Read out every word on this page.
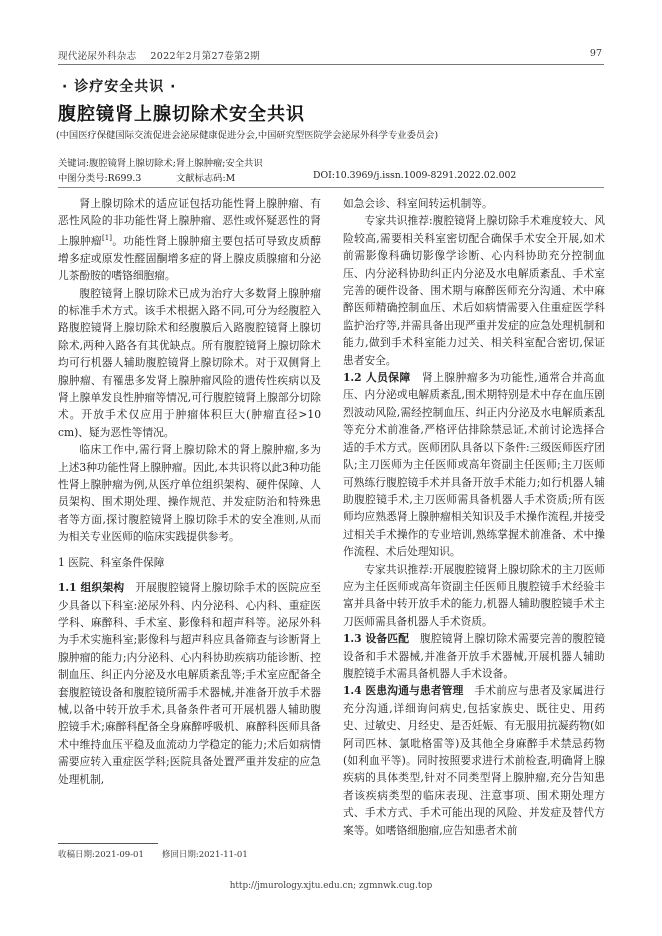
现代泌尿外科杂志 2022年2月第27卷第2期	97
· 诊疗安全共识 ·
腹腔镜肾上腺切除术安全共识
(中国医疗保健国际交流促进会泌尿健康促进分会,中国研究型医院学会泌尿外科学专业委员会)
关键词:腹腔镜肾上腺切除术;肾上腺肿瘤;安全共识
中图分类号:R699.3	文献标志码:M	DOI:10.3969/j.issn.1009-8291.2022.02.002

肾上腺切除术的适应证包括功能性肾上腺肿瘤、有恶性风险的非功能性肾上腺肿瘤、恶性或怀疑恶性的肾上腺肿瘤[1]。功能性肾上腺肿瘤主要包括可导致皮质醇增多症或原发性醛固酮增多症的肾上腺皮质腺瘤和分泌儿茶酚胺的嗜铬细胞瘤。

腹腔镜肾上腺切除术已成为治疗大多数肾上腺肿瘤的标准手术方式。该手术根据入路不同,可分为经腹腔入路腹腔镜肾上腺切除术和经腹膜后入路腹腔镜肾上腺切除术,两种入路各有其优缺点。所有腹腔镜肾上腺切除术均可行机器人辅助腹腔镜肾上腺切除术。对于双侧肾上腺肿瘤、有罹患多发肾上腺肿瘤风险的遗传性疾病以及肾上腺单发良性肿瘤等情况,可行腹腔镜肾上腺部分切除术。开放手术仅应用于肿瘤体积巨大(肿瘤直径>10 cm)、疑为恶性等情况。

临床工作中,需行肾上腺切除术的肾上腺肿瘤,多为上述3种功能性肾上腺肿瘤。因此,本共识将以此3种功能性肾上腺肿瘤为例,从医疗单位组织架构、硬件保障、人员架构、围术期处理、操作规范、并发症防治和特殊患者等方面,探讨腹腔镜肾上腺切除手术的安全准则,从而为相关专业医师的临床实践提供参考。

1 医院、科室条件保障

1.1 组织架构　 开展腹腔镜肾上腺切除手术的医院应至少具备以下科室:泌尿外科、内分泌科、心内科、重症医学科、麻醉科、手术室、影像科和超声科等。泌尿外科为手术实施科室;影像科与超声科应具备筛查与诊断肾上腺肿瘤的能力;内分泌科、心内科协助疾病功能诊断、控制血压、纠正内分泌及水电解质紊乱等;手术室应配备全套腹腔镜设备和腹腔镜所需手术器械,并准备开放手术器械,以备中转开放手术,具备条件者可开展机器人辅助腹腔镜手术;麻醉科配备全身麻醉呼吸机、麻醉科医师具备术中维持血压平稳及血流动力学稳定的能力;术后如病情需要应转入重症医学科;医院具备处置严重并发症的应急处理机制,

如急会诊、科室间转运机制等。

专家共识推荐:腹腔镜肾上腺切除手术难度较大、风险较高,需要相关科室密切配合确保手术安全开展,如术前需影像科确切影像学诊断、心内科协助充分控制血压、内分泌科协助纠正内分泌及水电解质紊乱、手术室完善的硬件设备、围术期与麻醉医师充分沟通、术中麻醉医师精确控制血压、术后如病情需要入住重症医学科监护治疗等,并需具备出现严重并发症的应急处理机制和能力,做到手术科室能力过关、相关科室配合密切,保证患者安全。

1.2 人员保障　 肾上腺肿瘤多为功能性,通常合并高血压、内分泌或电解质紊乱,围术期特别是术中存在血压剧烈波动风险,需经控制血压、纠正内分泌及水电解质紊乱等充分术前准备,严格评估排除禁忌证,术前讨论选择合适的手术方式。医师团队具备以下条件:三级医师医疗团队;主刀医师为主任医师或高年资副主任医师;主刀医师可熟练行腹腔镜手术并具备开放手术能力;如行机器人辅助腹腔镜手术,主刀医师需具备机器人手术资质;所有医师均应熟悉肾上腺肿瘤相关知识及手术操作流程,并接受过相关手术操作的专业培训,熟练掌握术前准备、术中操作流程、术后处理知识。

专家共识推荐:开展腹腔镜肾上腺切除术的主刀医师应为主任医师或高年资副主任医师且腹腔镜手术经验丰富并具备中转开放手术的能力,机器人辅助腹腔镜手术主刀医师需具备机器人手术资质。

1.3 设备匹配　 腹腔镜肾上腺切除术需要完善的腹腔镜设备和手术器械,并准备开放手术器械,开展机器人辅助腹腔镜手术需具备机器人手术设备。

1.4 医患沟通与患者管理　 手术前应与患者及家属进行充分沟通,详细询问病史,包括家族史、既往史、用药史、过敏史、月经史、是否妊娠、有无服用抗凝药物(如阿司匹林、氯吡格雷等)及其他全身麻醉手术禁忌药物(如利血平等)。同时按照要求进行术前检查,明确肾上腺疾病的具体类型,针对不同类型肾上腺肿瘤,充分告知患者该疾病类型的临床表现、注意事项、围术期处理方式、手术方式、手术可能出现的风险、并发症及替代方案等。如嗜铬细胞瘤,应告知患者术前

收稿日期:2021-09-01 修回日期:2021-11-01
http://jmurology.xjtu.edu.cn; zgmnwk.cug.top
